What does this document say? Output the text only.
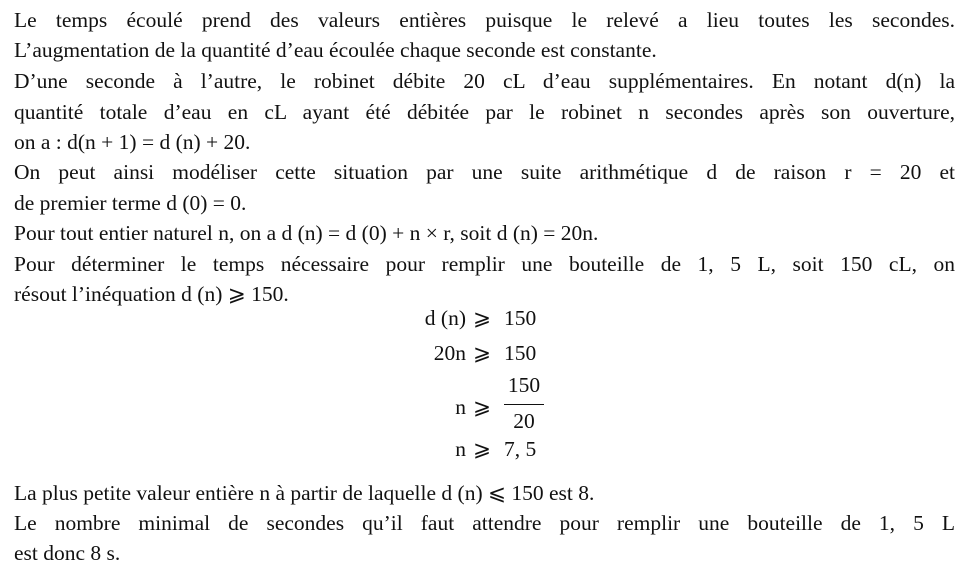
Le temps écoulé prend des valeurs entières puisque le relevé a lieu toutes les secondes.
L’augmentation de la quantité d’eau écoulée chaque seconde est constante.
D’une seconde à l’autre, le robinet débite 20 cL d’eau supplémentaires. En notant d(n) la
quantité totale d’eau en cL ayant été débitée par le robinet n secondes après son ouverture,
on a : d(n + 1) = d (n) + 20.
On peut ainsi modéliser cette situation par une suite arithmétique d de raison r = 20 et
de premier terme d (0) = 0.
Pour tout entier naturel n, on a d (n) = d (0) + n × r, soit d (n) = 20n.
Pour déterminer le temps nécessaire pour remplir une bouteille de 1, 5 L, soit 150 cL, on
résout l’inéquation d (n) ⩾ 150.
d (n) ⩾ 150
20n ⩾ 150
n ⩾
150
20
n ⩾ 7, 5
La plus petite valeur entière n à partir de laquelle d (n) ⩽ 150 est 8.
Le nombre minimal de secondes qu’il faut attendre pour remplir une bouteille de 1, 5 L
est donc 8 s.
